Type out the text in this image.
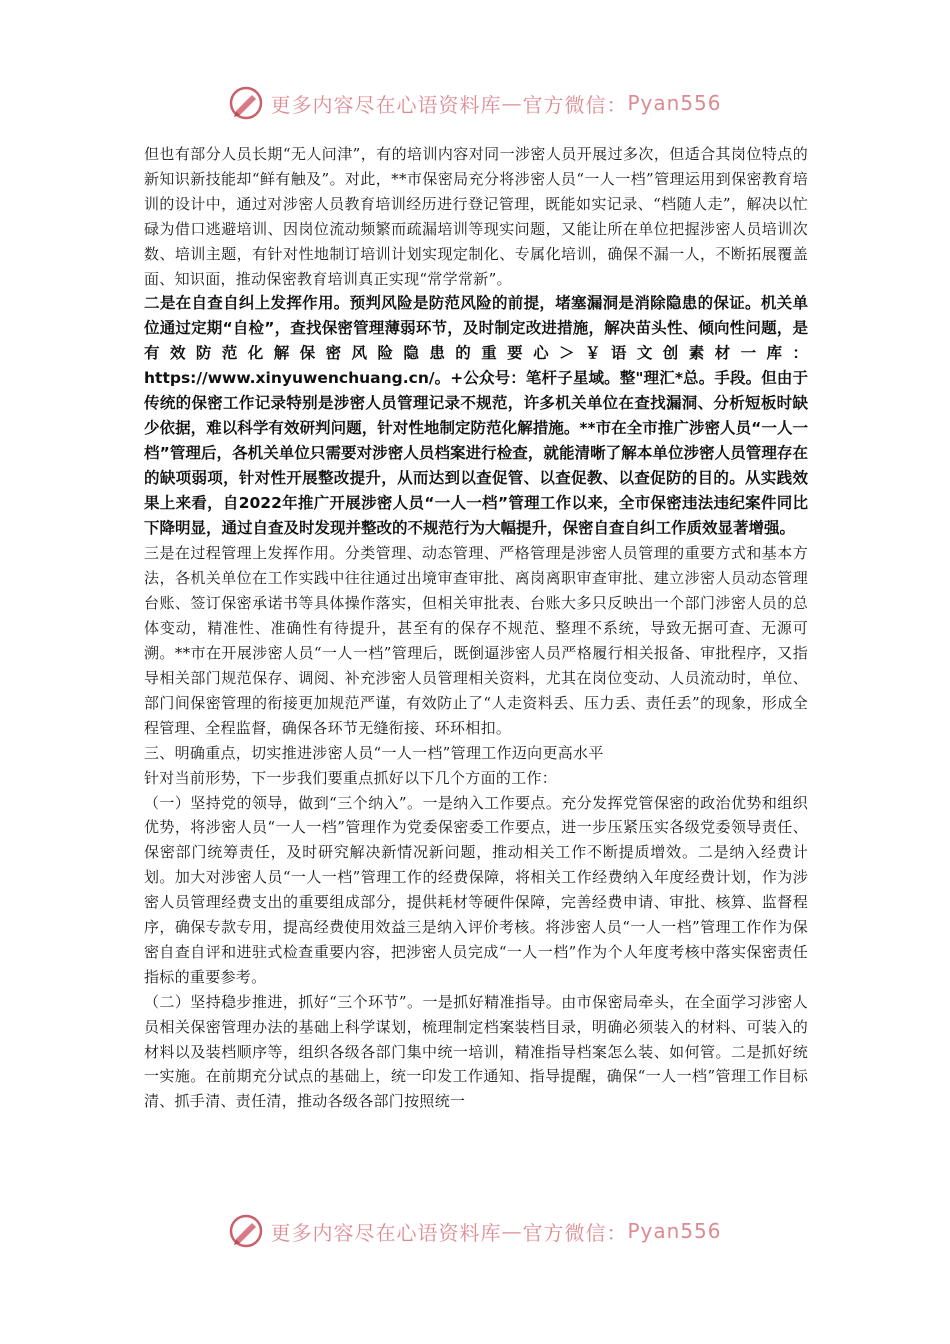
更多内容尽在心语资料库 — 官方微信： Pyan556

但也有部分人员长期“无人问津”，有的培训内容对同一涉密人员开展过多次，但适合其岗位特点的新知识新技能却“鲜有触及”。对此，**市保密局充分将涉密人员“一人一档”管理运用到保密教育培训的设计中，通过对涉密人员教育培训经历进行登记管理，既能如实记录、“档随人走”，解决以忙碌为借口逃避培训、因岗位流动频繁而疏漏培训等现实问题，又能让所在单位把握涉密人员培训次数、培训主题，有针对性地制订培训计划实现定制化、专属化培训，确保不漏一人，不断拓展覆盖面、知识面，推动保密教育培训真正实现“常学常新”。

二是在自查自纠上发挥作用。预判风险是防范风险的前提，堵塞漏洞是消除隐患的保证。机关单位通过定期“自检”，查找保密管理薄弱环节，及时制定改进措施，解决苗头性、倾向性问题，是有效防范化解保密风险隐患的重要心＞￥语文创素材一库：https://www.xinyuwenchuang.cn/。+公众号：笔杆子星域。整"理汇*总。手段。但由于传统的保密工作记录特别是涉密人员管理记录不规范，许多机关单位在查找漏洞、分析短板时缺少依据，难以科学有效研判问题，针对性地制定防范化解措施。**市在全市推广涉密人员“一人一档”管理后，各机关单位只需要对涉密人员档案进行检查，就能清晰了解本单位涉密人员管理存在的缺项弱项，针对性开展整改提升，从而达到以查促管、以查促教、以查促防的目的。从实践效果上来看，自2022年推广开展涉密人员“一人一档”管理工作以来，全市保密违法违纪案件同比下降明显，通过自查及时发现并整改的不规范行为大幅提升，保密自查自纠工作质效显著增强。

三是在过程管理上发挥作用。分类管理、动态管理、严格管理是涉密人员管理的重要方式和基本方法，各机关单位在工作实践中往往通过出境审查审批、离岗离职审查审批、建立涉密人员动态管理台账、签订保密承诺书等具体操作落实，但相关审批表、台账大多只反映出一个部门涉密人员的总体变动，精准性、准确性有待提升，甚至有的保存不规范、整理不系统，导致无据可查、无源可溯。**市在开展涉密人员“一人一档”管理后，既倒逼涉密人员严格履行相关报备、审批程序，又指导相关部门规范保存、调阅、补充涉密人员管理相关资料，尤其在岗位变动、人员流动时，单位、部门间保密管理的衔接更加规范严谨，有效防止了“人走资料丢、压力丢、责任丢”的现象，形成全程管理、全程监督，确保各环节无缝衔接、环环相扣。

三、明确重点，切实推进涉密人员“一人一档”管理工作迈向更高水平

针对当前形势，下一步我们要重点抓好以下几个方面的工作：

（一）坚持党的领导，做到“三个纳入”。一是纳入工作要点。充分发挥党管保密的政治优势和组织优势，将涉密人员“一人一档”管理作为党委保密委工作要点，进一步压紧压实各级党委领导责任、保密部门统筹责任，及时研究解决新情况新问题，推动相关工作不断提质增效。二是纳入经费计划。加大对涉密人员“一人一档”管理工作的经费保障，将相关工作经费纳入年度经费计划，作为涉密人员管理经费支出的重要组成部分，提供耗材等硬件保障，完善经费申请、审批、核算、监督程序，确保专款专用，提高经费使用效益三是纳入评价考核。将涉密人员“一人一档”管理工作作为保密自查自评和进驻式检查重要内容，把涉密人员完成“一人一档”作为个人年度考核中落实保密责任指标的重要参考。

（二）坚持稳步推进，抓好“三个环节”。一是抓好精准指导。由市保密局牵头，在全面学习涉密人员相关保密管理办法的基础上科学谋划，梳理制定档案装档目录，明确必须装入的材料、可装入的材料以及装档顺序等，组织各级各部门集中统一培训，精准指导档案怎么装、如何管。二是抓好统一实施。在前期充分试点的基础上，统一印发工作通知、指导提醒，确保“一人一档”管理工作目标清、抓手清、责任清，推动各级各部门按照统一

更多内容尽在心语资料库 — 官方微信： Pyan556
